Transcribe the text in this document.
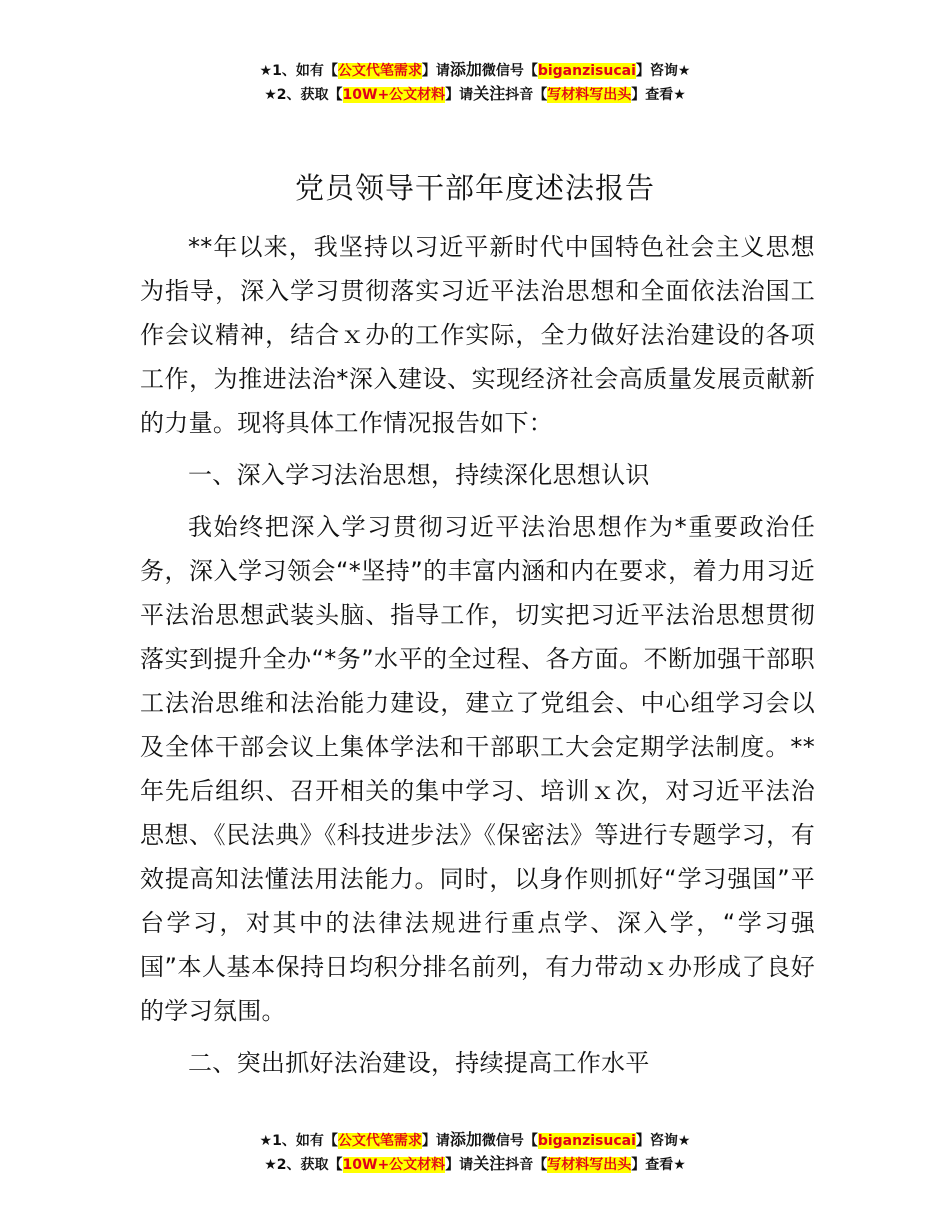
★1、如有【公文代笔需求】请添加微信号【biganzisucai】咨询★
★2、获取【10W+公文材料】请关注抖音【写材料写出头】查看★
党员领导干部年度述法报告

**年以来，我坚持以习近平新时代中国特色社会主义思想为指导，深入学习贯彻落实习近平法治思想和全面依法治国工作会议精神，结合ｘ办的工作实际，全力做好法治建设的各项工作，为推进法治*深入建设、实现经济社会高质量发展贡献新的力量。现将具体工作情况报告如下：

一、深入学习法治思想，持续深化思想认识

我始终把深入学习贯彻习近平法治思想作为*重要政治任务，深入学习领会“*坚持”的丰富内涵和内在要求，着力用习近平法治思想武装头脑、指导工作，切实把习近平法治思想贯彻落实到提升全办“*务”水平的全过程、各方面。不断加强干部职工法治思维和法治能力建设，建立了党组会、中心组学习会以及全体干部会议上集体学法和干部职工大会定期学法制度。**年先后组织、召开相关的集中学习、培训ｘ次，对习近平法治思想、《民法典》《科技进步法》《保密法》等进行专题学习，有效提高知法懂法用法能力。同时，以身作则抓好“学习强国”平台学习，对其中的法律法规进行重点学、深入学，“学习强国”本人基本保持日均积分排名前列，有力带动ｘ办形成了良好的学习氛围。

二、突出抓好法治建设，持续提高工作水平

★1、如有【公文代笔需求】请添加微信号【biganzisucai】咨询★
★2、获取【10W+公文材料】请关注抖音【写材料写出头】查看★
